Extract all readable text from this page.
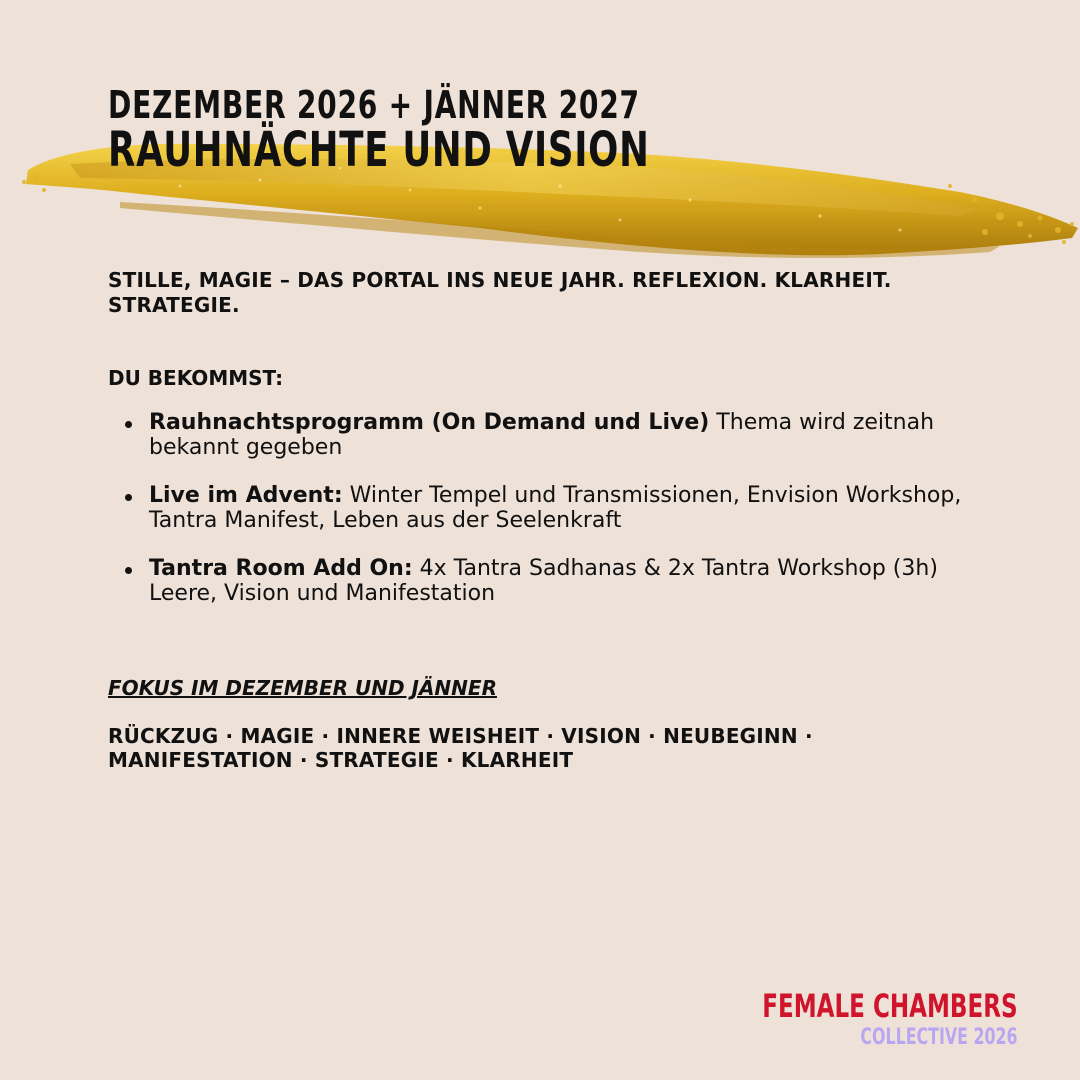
DEZEMBER 2026 + JÄNNER 2027
RAUHNÄCHTE UND VISION
STILLE, MAGIE – DAS PORTAL INS NEUE JAHR. REFLEXION. KLARHEIT. STRATEGIE.
DU BEKOMMST:
Rauhnachtsprogramm (On Demand und Live) Thema wird zeitnah bekannt gegeben
Live im Advent: Winter Tempel und Transmissionen, Envision Workshop, Tantra Manifest, Leben aus der Seelenkraft
Tantra Room Add On: 4x Tantra Sadhanas & 2x Tantra Workshop (3h) Leere, Vision und Manifestation
FOKUS IM DEZEMBER UND JÄNNER
RÜCKZUG · MAGIE · INNERE WEISHEIT · VISION · NEUBEGINN · MANIFESTATION · STRATEGIE · KLARHEIT
FEMALE CHAMBERS
COLLECTIVE 2026
